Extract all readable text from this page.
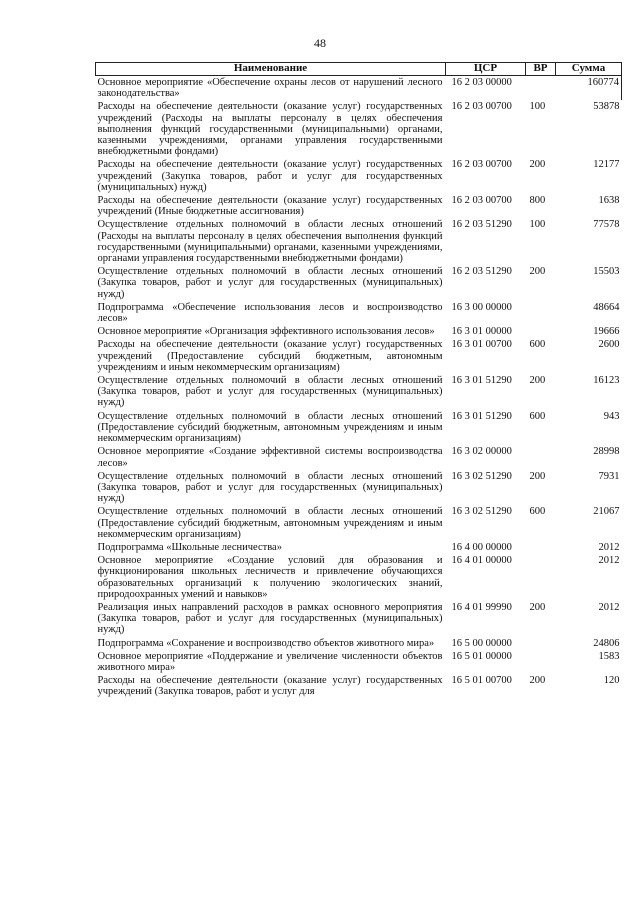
48
Наименование	ЦСР	ВР	Сумма
Основное мероприятие «Обеспечение охраны лесов от нарушений лесного законодательства»	16 2 03 00000		160774
Расходы на обеспечение деятельности (оказание услуг) государственных учреждений (Расходы на выплаты персоналу в целях обеспечения выполнения функций государственными (муниципальными) органами, казенными учреждениями, органами управления государственными внебюджетными фондами)	16 2 03 00700	100	53878
Расходы на обеспечение деятельности (оказание услуг) государственных учреждений (Закупка товаров, работ и услуг для государственных (муниципальных) нужд)	16 2 03 00700	200	12177
Расходы на обеспечение деятельности (оказание услуг) государственных учреждений (Иные бюджетные ассигнования)	16 2 03 00700	800	1638
Осуществление отдельных полномочий в области лесных отношений (Расходы на выплаты персоналу в целях обеспечения выполнения функций государственными (муниципальными) органами, казенными учреждениями, органами управления государственными внебюджетными фондами)	16 2 03 51290	100	77578
Осуществление отдельных полномочий в области лесных отношений (Закупка товаров, работ и услуг для государственных (муниципальных) нужд)	16 2 03 51290	200	15503
Подпрограмма «Обеспечение использования лесов и воспроизводство лесов»	16 3 00 00000		48664
Основное мероприятие «Организация эффективного использования лесов»	16 3 01 00000		19666
Расходы на обеспечение деятельности (оказание услуг) государственных учреждений (Предоставление субсидий бюджетным, автономным учреждениям и иным некоммерческим организациям)	16 3 01 00700	600	2600
Осуществление отдельных полномочий в области лесных отношений (Закупка товаров, работ и услуг для государственных (муниципальных) нужд)	16 3 01 51290	200	16123
Осуществление отдельных полномочий в области лесных отношений (Предоставление субсидий бюджетным, автономным учреждениям и иным некоммерческим организациям)	16 3 01 51290	600	943
Основное мероприятие «Создание эффективной системы воспроизводства лесов»	16 3 02 00000		28998
Осуществление отдельных полномочий в области лесных отношений (Закупка товаров, работ и услуг для государственных (муниципальных) нужд)	16 3 02 51290	200	7931
Осуществление отдельных полномочий в области лесных отношений (Предоставление субсидий бюджетным, автономным учреждениям и иным некоммерческим организациям)	16 3 02 51290	600	21067
Подпрограмма «Школьные лесничества»	16 4 00 00000		2012
Основное мероприятие «Создание условий для образования и функционирования школьных лесничеств и привлечение обучающихся образовательных организаций к получению экологических знаний, природоохранных умений и навыков»	16 4 01 00000		2012
Реализация иных направлений расходов в рамках основного мероприятия (Закупка товаров, работ и услуг для государственных (муниципальных) нужд)	16 4 01 99990	200	2012
Подпрограмма «Сохранение и воспроизводство объектов животного мира»	16 5 00 00000		24806
Основное мероприятие «Поддержание и увеличение численности объектов животного мира»	16 5 01 00000		1583
Расходы на обеспечение деятельности (оказание услуг) государственных учреждений (Закупка товаров, работ и услуг для	16 5 01 00700	200	120
